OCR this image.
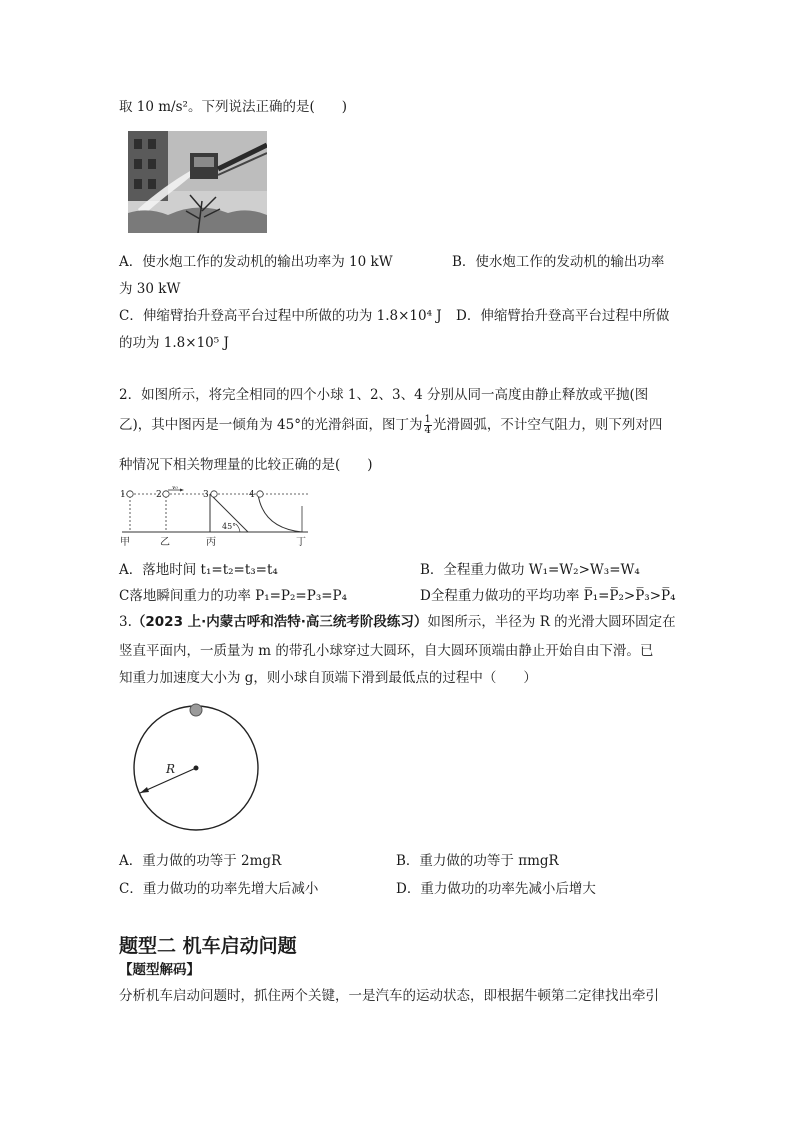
取 10 m/s²。下列说法正确的是(　　)
A．使水炮工作的发动机的输出功率为 10 kW	B．使水炮工作的发动机的输出功率
为 30 kW
C．伸缩臂抬升登高平台过程中所做的功为 1.8×10⁴ J D．伸缩臂抬升登高平台过程中所做
的功为 1.8×10⁵ J
2．如图所示，将完全相同的四个小球 1、2、3、4 分别从同一高度由静止释放或平抛(图
乙)，其中图丙是一倾角为 45°的光滑斜面，图丁为 $\frac{1}{4}$ 光滑圆弧，不计空气阻力，则下列对四
种情况下相关物理量的比较正确的是(　　)
1	2	3	4
v₀
45°
甲	乙	丙	丁
A．落地时间 t₁=t₂=t₃=t₄	B．全程重力做功 W₁=W₂>W₃=W₄
C落地瞬间重力的功率 P₁=P₂=P₃=P₄	D全程重力做功的平均功率 P̅₁=P̅₂>P̅₃>P̅₄
3.（2023 上·内蒙古呼和浩特·高三统考阶段练习）如图所示，半径为 R 的光滑大圆环固定在
竖直平面内，一质量为 m 的带孔小球穿过大圆环，自大圆环顶端由静止开始自由下滑。已
知重力加速度大小为 g，则小球自顶端下滑到最低点的过程中（　　）
R
A．重力做的功等于 2mgR	B．重力做的功等于 πmgR
C．重力做功的功率先增大后减小	D．重力做功的功率先减小后增大
题型二 机车启动问题
【题型解码】
分析机车启动问题时，抓住两个关键，一是汽车的运动状态，即根据牛顿第二定律找出牵引
